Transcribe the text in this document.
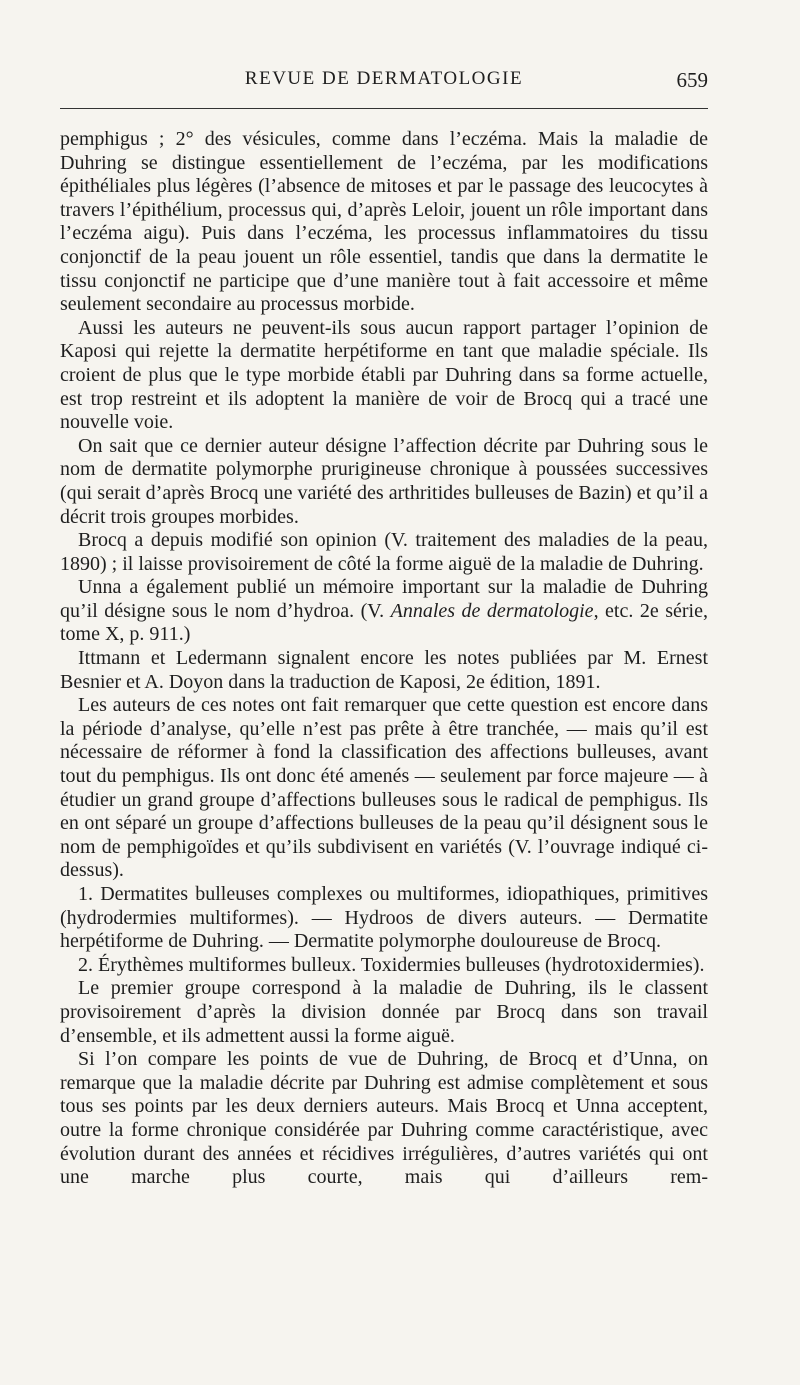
REVUE DE DERMATOLOGIE	659

pemphigus ; 2° des vésicules, comme dans l’eczéma. Mais la maladie de Duhring se distingue essentiellement de l’eczéma, par les modifications épithéliales plus légères (l’absence de mitoses et par le passage des leucocytes à travers l’épithélium, processus qui, d’après Leloir, jouent un rôle important dans l’eczéma aigu). Puis dans l’eczéma, les processus inflammatoires du tissu conjonctif de la peau jouent un rôle essentiel, tandis que dans la dermatite le tissu conjonctif ne participe que d’une manière tout à fait accessoire et même seulement secondaire au processus morbide.

Aussi les auteurs ne peuvent-ils sous aucun rapport partager l’opinion de Kaposi qui rejette la dermatite herpétiforme en tant que maladie spéciale. Ils croient de plus que le type morbide établi par Duhring dans sa forme actuelle, est trop restreint et ils adoptent la manière de voir de Brocq qui a tracé une nouvelle voie.

On sait que ce dernier auteur désigne l’affection décrite par Duhring sous le nom de dermatite polymorphe prurigineuse chronique à poussées successives (qui serait d’après Brocq une variété des arthritides bulleuses de Bazin) et qu’il a décrit trois groupes morbides.

Brocq a depuis modifié son opinion (V. traitement des maladies de la peau, 1890) ; il laisse provisoirement de côté la forme aiguë de la maladie de Duhring.

Unna a également publié un mémoire important sur la maladie de Duhring qu’il désigne sous le nom d’hydroa. (V. Annales de dermatologie, etc. 2e série, tome X, p. 911.)

Ittmann et Ledermann signalent encore les notes publiées par M. Ernest Besnier et A. Doyon dans la traduction de Kaposi, 2e édition, 1891.

Les auteurs de ces notes ont fait remarquer que cette question est encore dans la période d’analyse, qu’elle n’est pas prête à être tranchée, — mais qu’il est nécessaire de réformer à fond la classification des affections bulleuses, avant tout du pemphigus. Ils ont donc été amenés — seulement par force majeure — à étudier un grand groupe d’affections bulleuses sous le radical de pemphigus. Ils en ont séparé un groupe d’affections bulleuses de la peau qu’il désignent sous le nom de pemphigoïdes et qu’ils subdivisent en variétés (V. l’ouvrage indiqué ci-dessus).

1. Dermatites bulleuses complexes ou multiformes, idiopathiques, primitives (hydrodermies multiformes). — Hydroos de divers auteurs. — Dermatite herpétiforme de Duhring. — Dermatite polymorphe douloureuse de Brocq.

2. Érythèmes multiformes bulleux. Toxidermies bulleuses (hydrotoxidermies).

Le premier groupe correspond à la maladie de Duhring, ils le classent provisoirement d’après la division donnée par Brocq dans son travail d’ensemble, et ils admettent aussi la forme aiguë.

Si l’on compare les points de vue de Duhring, de Brocq et d’Unna, on remarque que la maladie décrite par Duhring est admise complètement et sous tous ses points par les deux derniers auteurs. Mais Brocq et Unna acceptent, outre la forme chronique considérée par Duhring comme caractéristique, avec évolution durant des années et récidives irrégulières, d’autres variétés qui ont une marche plus courte, mais qui d’ailleurs rem-
